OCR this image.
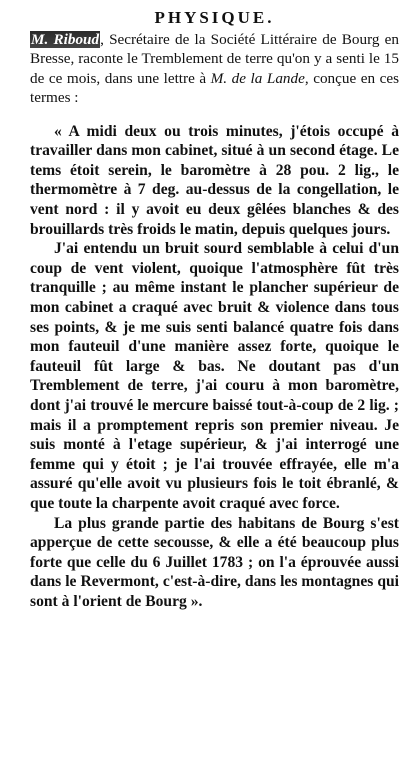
PHYSIQUE.

M. Riboud, Secrétaire de la Société Littéraire de Bourg en Bresse, raconte le Tremblement de terre qu'on y a senti le 15 de ce mois, dans une lettre à M. de la Lande, conçue en ces termes :

« A midi deux ou trois minutes, j'étois occupé à travailler dans mon cabinet, situé à un second étage. Le tems étoit serein, le baromètre à 28 pou. 2 lig., le thermomètre à 7 deg. au-dessus de la congellation, le vent nord : il y avoit eu deux gêlées blanches & des brouillards très froids le matin, depuis quelques jours.

J'ai entendu un bruit sourd semblable à celui d'un coup de vent violent, quoique l'atmosphère fût très tranquille ; au même instant le plancher supérieur de mon cabinet a craqué avec bruit & violence dans tous ses points, & je me suis senti balancé quatre fois dans mon fauteuil d'une manière assez forte, quoique le fauteuil fût large & bas. Ne doutant pas d'un Tremblement de terre, j'ai couru à mon baromètre, dont j'ai trouvé le mercure baissé tout-à-coup de 2 lig. ; mais il a promptement repris son premier niveau. Je suis monté à l'etage supérieur, & j'ai interrogé une femme qui y étoit ; je l'ai trouvée effrayée, elle m'a assuré qu'elle avoit vu plusieurs fois le toit ébranlé, & que toute la charpente avoit craqué avec force.

La plus grande partie des habitans de Bourg s'est apperçue de cette secousse, & elle a été beaucoup plus forte que celle du 6 Juillet 1783 ; on l'a éprouvée aussi dans le Revermont, c'est-à-dire, dans les montagnes qui sont à l'orient de Bourg ».
